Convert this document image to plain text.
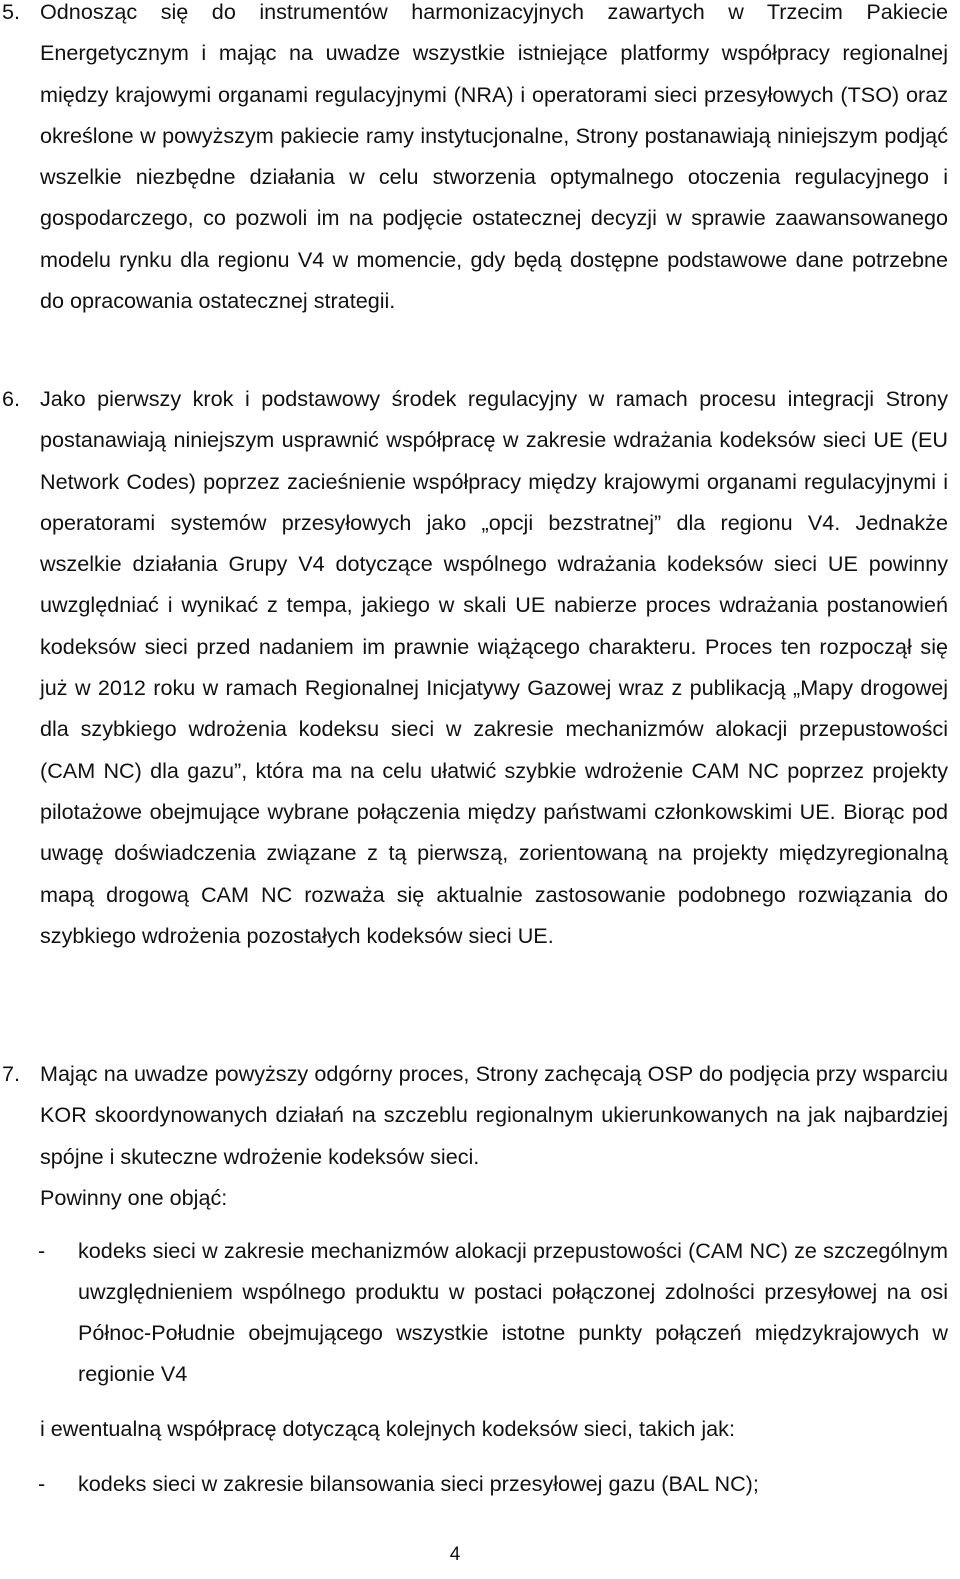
5. Odnosząc się do instrumentów harmonizacyjnych zawartych w Trzecim Pakiecie Energetycznym i mając na uwadze wszystkie istniejące platformy współpracy regionalnej między krajowymi organami regulacyjnymi (NRA) i operatorami sieci przesyłowych (TSO) oraz określone w powyższym pakiecie ramy instytucjonalne, Strony postanawiają niniejszym podjąć wszelkie niezbędne działania w celu stworzenia optymalnego otoczenia regulacyjnego i gospodarczego, co pozwoli im na podjęcie ostatecznej decyzji w sprawie zaawansowanego modelu rynku dla regionu V4 w momencie, gdy będą dostępne podstawowe dane potrzebne do opracowania ostatecznej strategii.

6. Jako pierwszy krok i podstawowy środek regulacyjny w ramach procesu integracji Strony postanawiają niniejszym usprawnić współpracę w zakresie wdrażania kodeksów sieci UE (EU Network Codes) poprzez zacieśnienie współpracy między krajowymi organami regulacyjnymi i operatorami systemów przesyłowych jako „opcji bezstratnej” dla regionu V4. Jednakże wszelkie działania Grupy V4 dotyczące wspólnego wdrażania kodeksów sieci UE powinny uwzględniać i wynikać z tempa, jakiego w skali UE nabierze proces wdrażania postanowień kodeksów sieci przed nadaniem im prawnie wiążącego charakteru. Proces ten rozpoczął się już w 2012 roku w ramach Regionalnej Inicjatywy Gazowej wraz z publikacją „Mapy drogowej dla szybkiego wdrożenia kodeksu sieci w zakresie mechanizmów alokacji przepustowości (CAM NC) dla gazu”, która ma na celu ułatwić szybkie wdrożenie CAM NC poprzez projekty pilotażowe obejmujące wybrane połączenia między państwami członkowskimi UE. Biorąc pod uwagę doświadczenia związane z tą pierwszą, zorientowaną na projekty międzyregionalną mapą drogową CAM NC rozważa się aktualnie zastosowanie podobnego rozwiązania do szybkiego wdrożenia pozostałych kodeksów sieci UE.

7. Mając na uwadze powyższy odgórny proces, Strony zachęcają OSP do podjęcia przy wsparciu KOR skoordynowanych działań na szczeblu regionalnym ukierunkowanych na jak najbardziej spójne i skuteczne wdrożenie kodeksów sieci.

Powinny one objąć:

- kodeks sieci w zakresie mechanizmów alokacji przepustowości (CAM NC) ze szczególnym uwzględnieniem wspólnego produktu w postaci połączonej zdolności przesyłowej na osi Północ-Południe obejmującego wszystkie istotne punkty połączeń międzykrajowych w regionie V4
i ewentualną współpracę dotyczącą kolejnych kodeksów sieci, takich jak:
- kodeks sieci w zakresie bilansowania sieci przesyłowej gazu (BAL NC);
4
